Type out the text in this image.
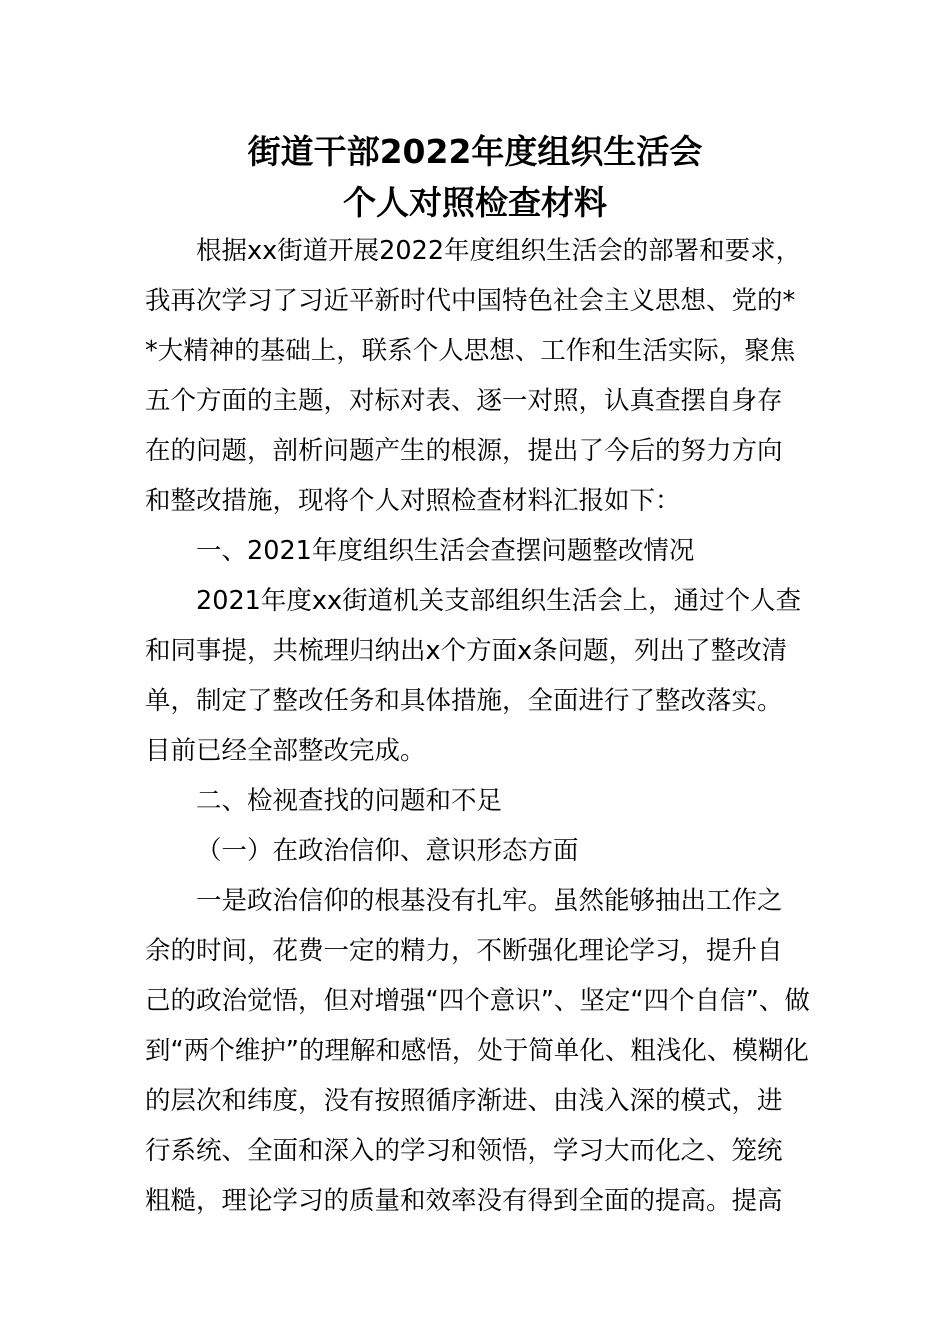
街道干部2022年度组织生活会
个人对照检查材料
根据xx街道开展2022年度组织生活会的部署和要求，
我再次学习了习近平新时代中国特色社会主义思想、党的*
*大精神的基础上，联系个人思想、工作和生活实际，聚焦
五个方面的主题，对标对表、逐一对照，认真查摆自身存
在的问题，剖析问题产生的根源，提出了今后的努力方向
和整改措施，现将个人对照检查材料汇报如下：
一、2021年度组织生活会查摆问题整改情况
2021年度xx街道机关支部组织生活会上，通过个人查
和同事提，共梳理归纳出x个方面x条问题，列出了整改清
单，制定了整改任务和具体措施，全面进行了整改落实。
目前已经全部整改完成。
二、检视查找的问题和不足
（一）在政治信仰、意识形态方面
一是政治信仰的根基没有扎牢。虽然能够抽出工作之
余的时间，花费一定的精力，不断强化理论学习，提升自
己的政治觉悟，但对增强“四个意识”、坚定“四个自信”、做
到“两个维护”的理解和感悟，处于简单化、粗浅化、模糊化
的层次和纬度，没有按照循序渐进、由浅入深的模式，进
行系统、全面和深入的学习和领悟，学习大而化之、笼统
粗糙，理论学习的质量和效率没有得到全面的提高。提高
